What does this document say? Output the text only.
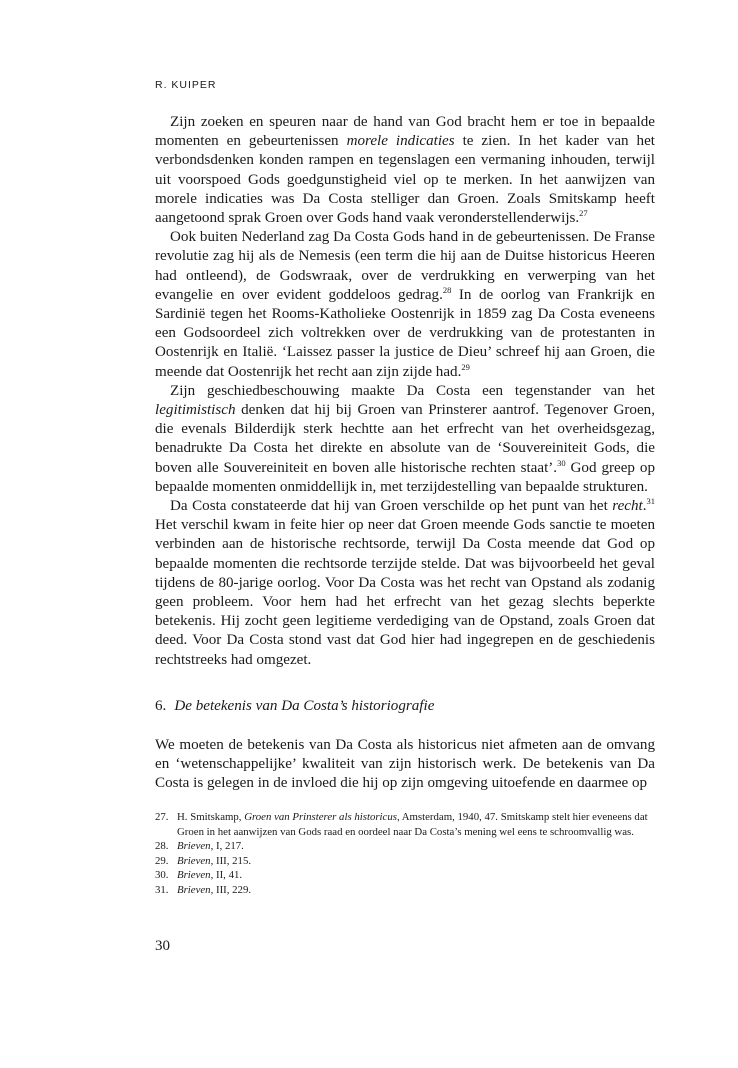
R. KUIPER

Zijn zoeken en speuren naar de hand van God bracht hem er toe in bepaalde momenten en gebeurtenissen morele indicaties te zien. In het kader van het verbondsdenken konden rampen en tegenslagen een vermaning inhouden, terwijl uit voorspoed Gods goedgunstigheid viel op te merken. In het aanwijzen van morele indicaties was Da Costa stelliger dan Groen. Zoals Smitskamp heeft aangetoond sprak Groen over Gods hand vaak veronderstellenderwijs.$^{27}$

Ook buiten Nederland zag Da Costa Gods hand in de gebeurtenissen. De Franse revolutie zag hij als de Nemesis (een term die hij aan de Duitse historicus Heeren had ontleend), de Godswraak, over de verdrukking en verwerping van het evangelie en over evident goddeloos gedrag.$^{28}$ In de oorlog van Frankrijk en Sardinië tegen het Rooms-Katholieke Oostenrijk in 1859 zag Da Costa eveneens een Godsoordeel zich voltrekken over de verdrukking van de protestanten in Oostenrijk en Italië. ‘Laissez passer la justice de Dieu’ schreef hij aan Groen, die meende dat Oostenrijk het recht aan zijn zijde had.$^{29}$

Zijn geschiedbeschouwing maakte Da Costa een tegenstander van het legitimistisch denken dat hij bij Groen van Prinsterer aantrof. Tegenover Groen, die evenals Bilderdijk sterk hechtte aan het erfrecht van het overheidsgezag, benadrukte Da Costa het direkte en absolute van de ‘Souvereiniteit Gods, die boven alle Souvereiniteit en boven alle historische rechten staat’.$^{30}$ God greep op bepaalde momenten onmiddellijk in, met terzijdestelling van bepaalde strukturen.

Da Costa constateerde dat hij van Groen verschilde op het punt van het recht.$^{31}$ Het verschil kwam in feite hier op neer dat Groen meende Gods sanctie te moeten verbinden aan de historische rechtsorde, terwijl Da Costa meende dat God op bepaalde momenten die rechtsorde terzijde stelde. Dat was bijvoorbeeld het geval tijdens de 80-jarige oorlog. Voor Da Costa was het recht van Opstand als zodanig geen probleem. Voor hem had het erfrecht van het gezag slechts beperkte betekenis. Hij zocht geen legitieme verdediging van de Opstand, zoals Groen dat deed. Voor Da Costa stond vast dat God hier had ingegrepen en de geschiedenis rechtstreeks had omgezet.

6. De betekenis van Da Costa’s historiografie
We moeten de betekenis van Da Costa als historicus niet afmeten aan de omvang en ‘wetenschappelijke’ kwaliteit van zijn historisch werk. De betekenis van Da Costa is gelegen in de invloed die hij op zijn omgeving uitoefende en daarmee op
27. H. Smitskamp, Groen van Prinsterer als historicus, Amsterdam, 1940, 47. Smitskamp stelt hier eveneens dat Groen in het aanwijzen van Gods raad en oordeel naar Da Costa’s mening wel eens te schroomvallig was.
28. Brieven, I, 217.
29. Brieven, III, 215.
30. Brieven, II, 41.
31. Brieven, III, 229.
30
